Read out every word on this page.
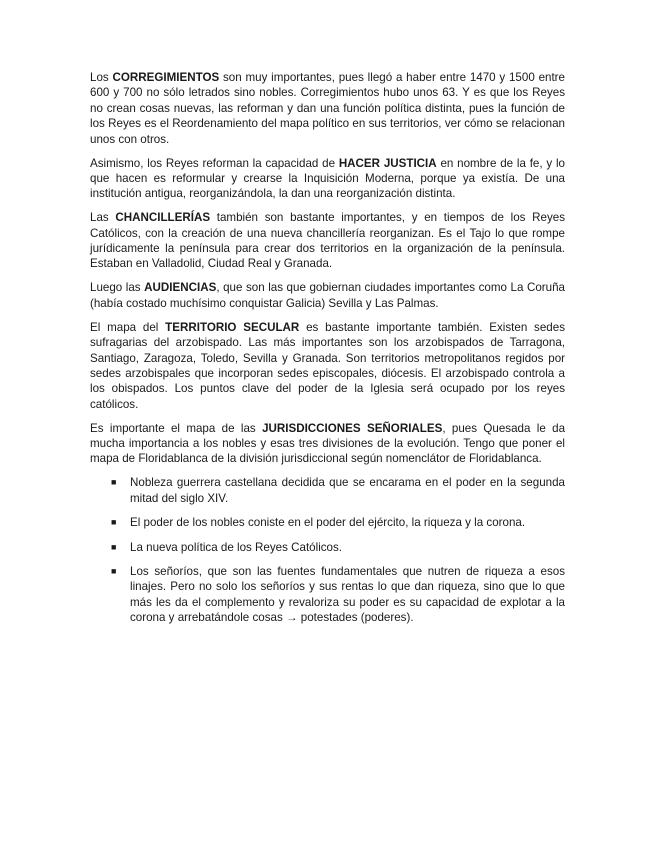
Los CORREGIMIENTOS son muy importantes, pues llegó a haber entre 1470 y 1500 entre 600 y 700 no sólo letrados sino nobles. Corregimientos hubo unos 63. Y es que los Reyes no crean cosas nuevas, las reforman y dan una función política distinta, pues la función de los Reyes es el Reordenamiento del mapa político en sus territorios, ver cómo se relacionan unos con otros.

Asimismo, los Reyes reforman la capacidad de HACER JUSTICIA en nombre de la fe, y lo que hacen es reformular y crearse la Inquisición Moderna, porque ya existía. De una institución antigua, reorganizándola, la dan una reorganización distinta.

Las CHANCILLERÍAS también son bastante importantes, y en tiempos de los Reyes Católicos, con la creación de una nueva chancillería reorganizan. Es el Tajo lo que rompe jurídicamente la península para crear dos territorios en la organización de la península. Estaban en Valladolid, Ciudad Real y Granada.

Luego las AUDIENCIAS, que son las que gobiernan ciudades importantes como La Coruña (había costado muchísimo conquistar Galicia) Sevilla y Las Palmas.

El mapa del TERRITORIO SECULAR es bastante importante también. Existen sedes sufragarias del arzobispado. Las más importantes son los arzobispados de Tarragona, Santiago, Zaragoza, Toledo, Sevilla y Granada. Son territorios metropolitanos regidos por sedes arzobispales que incorporan sedes episcopales, diócesis. El arzobispado controla a los obispados. Los puntos clave del poder de la Iglesia será ocupado por los reyes católicos.

Es importante el mapa de las JURISDICCIONES SEÑORIALES, pues Quesada le da mucha importancia a los nobles y esas tres divisiones de la evolución. Tengo que poner el mapa de Floridablanca de la división jurisdiccional según nomenclátor de Floridablanca.

■ Nobleza guerrera castellana decidida que se encarama en el poder en la segunda mitad del siglo XIV.
■ El poder de los nobles coniste en el poder del ejército, la riqueza y la corona.
■ La nueva política de los Reyes Católicos.
■ Los señoríos, que son las fuentes fundamentales que nutren de riqueza a esos linajes. Pero no solo los señoríos y sus rentas lo que dan riqueza, sino que lo que más les da el complemento y revaloriza su poder es su capacidad de explotar a la corona y arrebatándole cosas → potestades (poderes).
